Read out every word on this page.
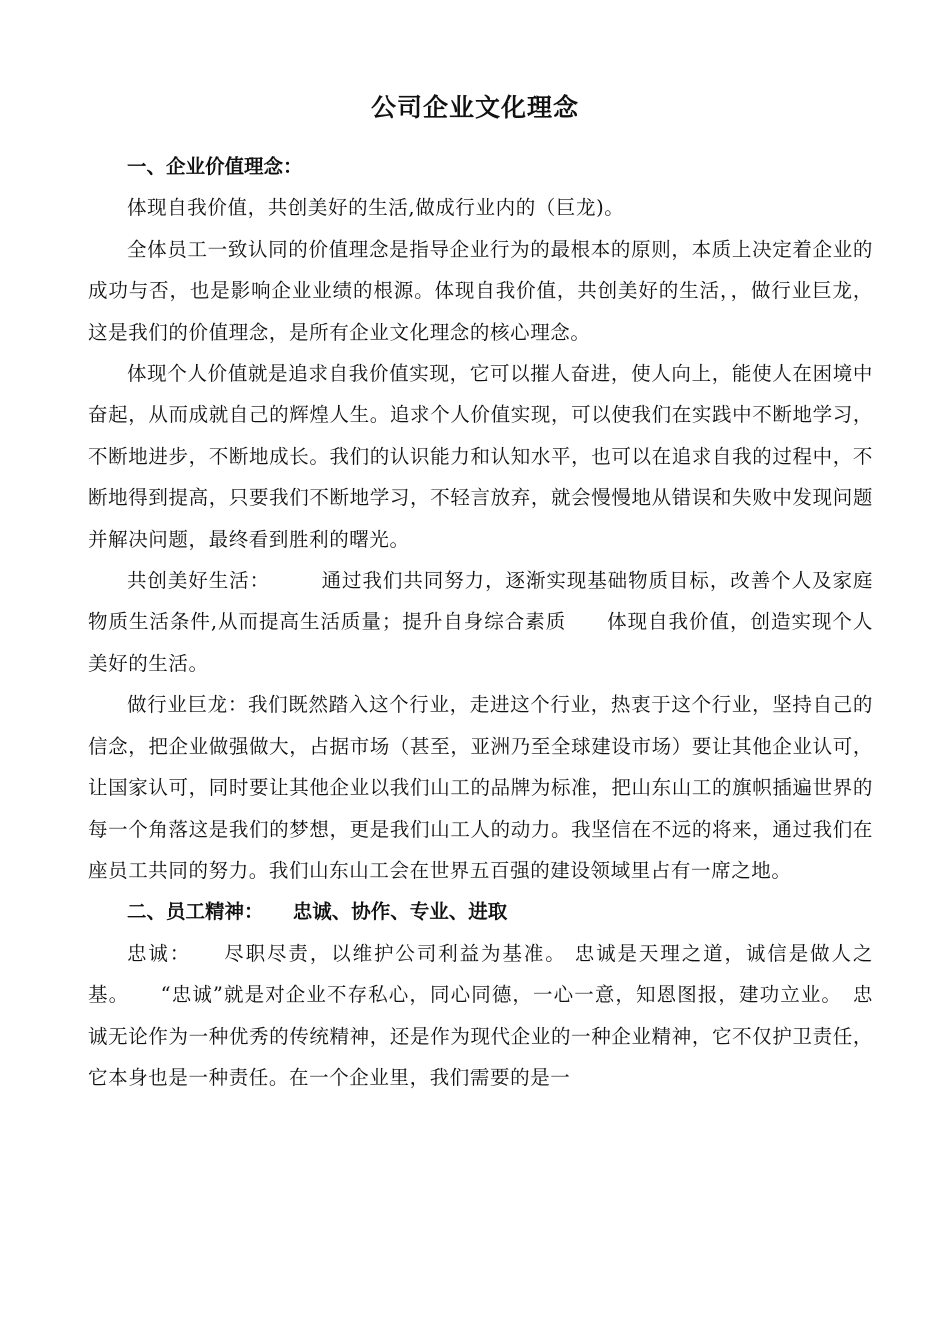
公司企业文化理念

一、企业价值理念：

体现自我价值，共创美好的生活,做成行业内的（巨龙)。

全体员工一致认同的价值理念是指导企业行为的最根本的原则，本质上决定着企业的成功与否，也是影响企业业绩的根源。体现自我价值，共创美好的生活，，做行业巨龙，这是我们的价值理念，是所有企业文化理念的核心理念。

体现个人价值就是追求自我价值实现，它可以摧人奋进，使人向上，能使人在困境中奋起，从而成就自己的辉煌人生。追求个人价值实现，可以使我们在实践中不断地学习，不断地进步，不断地成长。我们的认识能力和认知水平，也可以在追求自我的过程中，不断地得到提高，只要我们不断地学习，不轻言放弃，就会慢慢地从错误和失败中发现问题并解决问题，最终看到胜利的曙光。

共创美好生活：　　　通过我们共同努力，逐渐实现基础物质目标，改善个人及家庭物质生活条件,从而提高生活质量；提升自身综合素质　　体现自我价值，创造实现个人美好的生活。

做行业巨龙：我们既然踏入这个行业，走进这个行业，热衷于这个行业，坚持自己的信念，把企业做强做大，占据市场（甚至，亚洲乃至全球建设市场）要让其他企业认可，让国家认可，同时要让其他企业以我们山工的品牌为标准，把山东山工的旗帜插遍世界的每一个角落这是我们的梦想，更是我们山工人的动力。我坚信在不远的将来，通过我们在座员工共同的努力。我们山东山工会在世界五百强的建设领域里占有一席之地。

二、员工精神：　　忠诚、协作、专业、进取

忠诚：　　尽职尽责，以维护公司利益为基准。 忠诚是天理之道，诚信是做人之基。　　“忠诚”就是对企业不存私心，同心同德，一心一意，知恩图报，建功立业。　忠诚无论作为一种优秀的传统精神，还是作为现代企业的一种企业精神，它不仅护卫责任，它本身也是一种责任。在一个企业里，我们需要的是一
